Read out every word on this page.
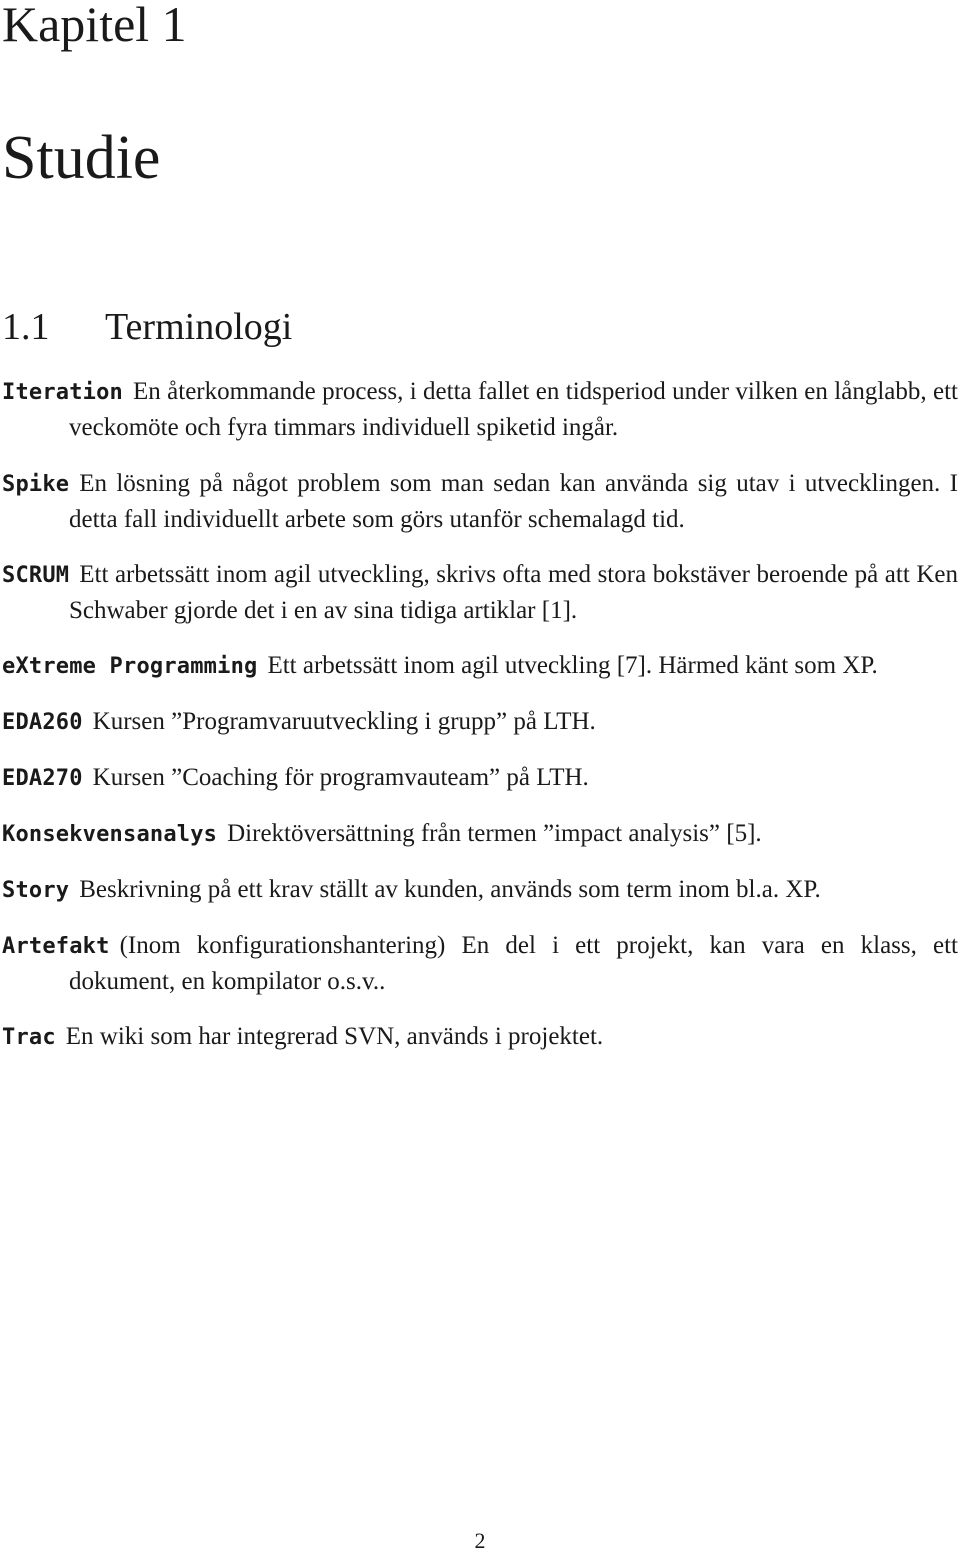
Kapitel 1
Studie
1.1 Terminologi

Iteration En återkommande process, i detta fallet en tidsperiod under vilken en långlabb, ett veckomöte och fyra timmars individuell spiketid ingår.

Spike En lösning på något problem som man sedan kan använda sig utav i utvecklingen. I detta fall individuellt arbete som görs utanför schemalagd tid.

SCRUM Ett arbetssätt inom agil utveckling, skrivs ofta med stora bokstäver beroende på att Ken Schwaber gjorde det i en av sina tidiga artiklar [1].

eXtreme Programming Ett arbetssätt inom agil utveckling [7]. Härmed känt som XP.

EDA260 Kursen ”Programvaruutveckling i grupp” på LTH.

EDA270 Kursen ”Coaching för programvauteam” på LTH.

Konsekvensanalys Direktöversättning från termen ”impact analysis” [5].

Story Beskrivning på ett krav ställt av kunden, används som term inom bl.a. XP.

Artefakt (Inom konfigurationshantering) En del i ett projekt, kan vara en klass, ett dokument, en kompilator o.s.v..

Trac En wiki som har integrerad SVN, används i projektet.

2
